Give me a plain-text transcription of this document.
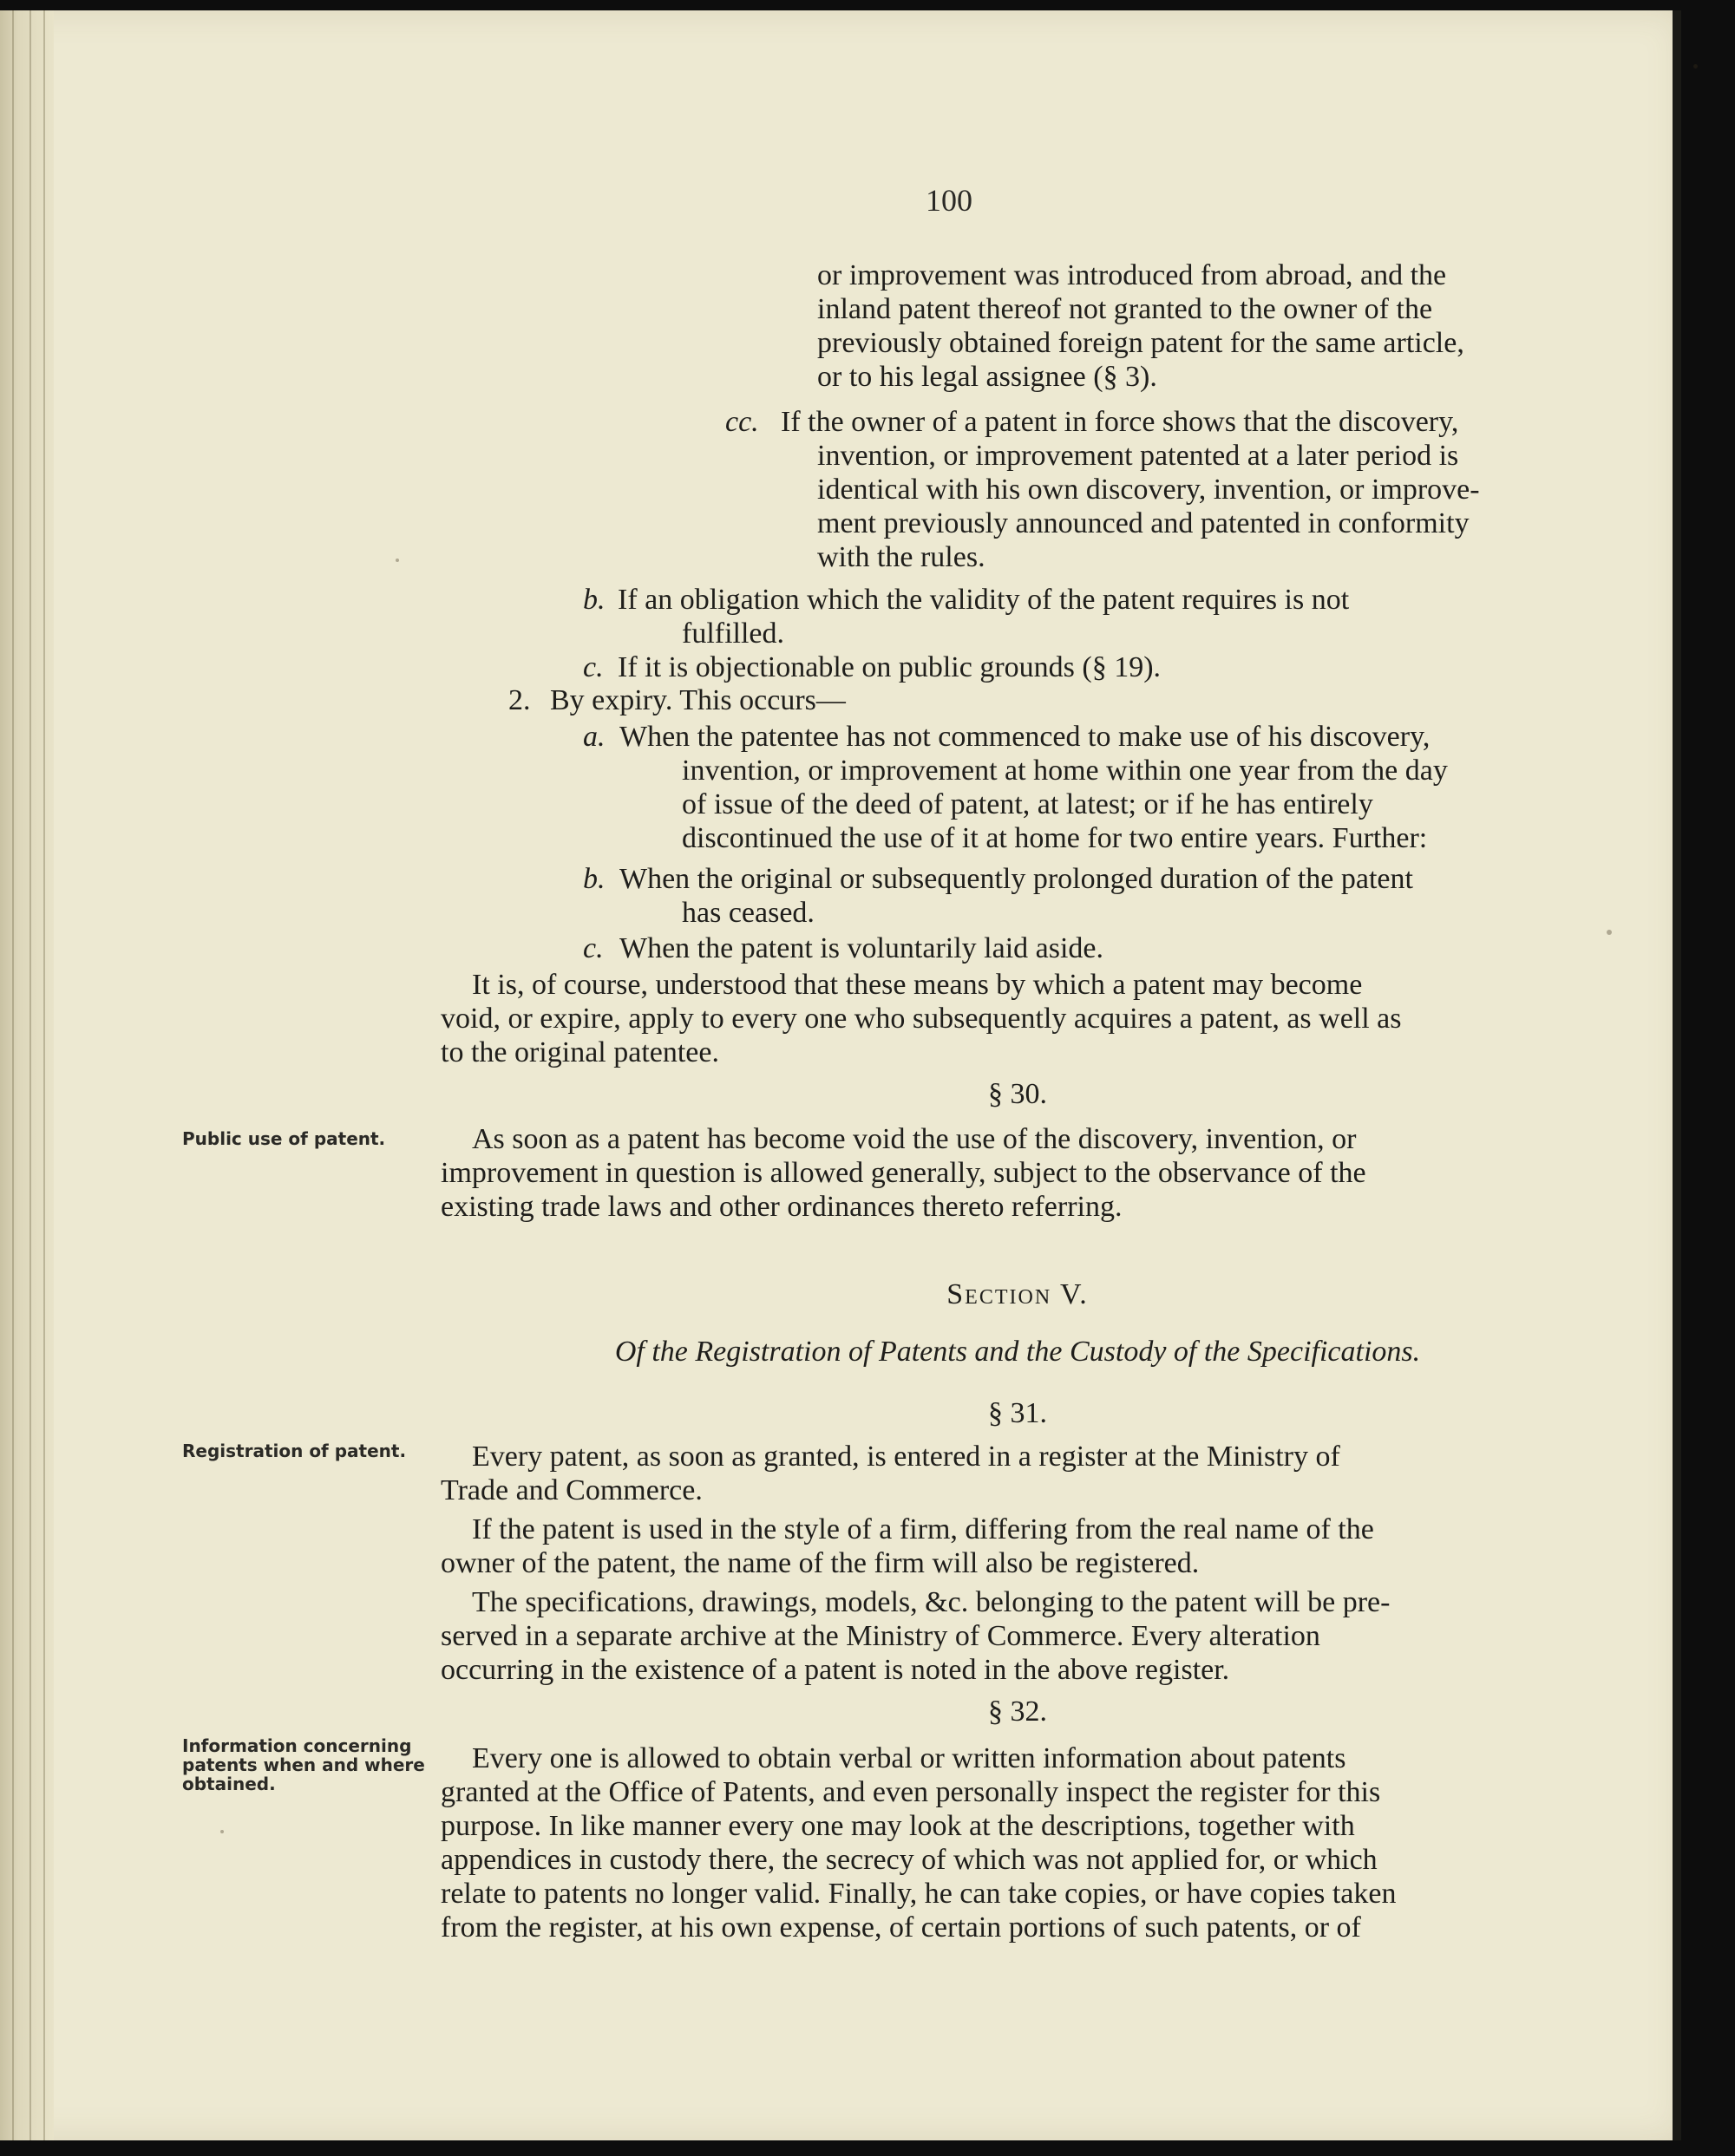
100

or improvement was introduced from abroad, and the

inland patent thereof not granted to the owner of the

previously obtained foreign patent for the same article,

or to his legal assignee (§ 3).

cc. If the owner of a patent in force shows that the discovery,

invention, or improvement patented at a later period is

identical with his own discovery, invention, or improve-

ment previously announced and patented in conformity

with the rules.

b. If an obligation which the validity of the patent requires is not

fulfilled.

c. If it is objectionable on public grounds (§ 19).

2. By expiry. This occurs—

a. When the patentee has not commenced to make use of his discovery,

invention, or improvement at home within one year from the day

of issue of the deed of patent, at latest; or if he has entirely

discontinued the use of it at home for two entire years. Further:

b. When the original or subsequently prolonged duration of the patent

has ceased.

c. When the patent is voluntarily laid aside.

It is, of course, understood that these means by which a patent may become

void, or expire, apply to every one who subsequently acquires a patent, as well as

to the original patentee.

§ 30.

Public use of patent.	As soon as a patent has become void the use of the discovery, invention, or

improvement in question is allowed generally, subject to the observance of the

existing trade laws and other ordinances thereto referring.

Section V.
Of the Registration of Patents and the Custody of the Specifications.

§ 31.

Registration of patent.	Every patent, as soon as granted, is entered in a register at the Ministry of

Trade and Commerce.

If the patent is used in the style of a firm, differing from the real name of the

owner of the patent, the name of the firm will also be registered.

The specifications, drawings, models, &c. belonging to the patent will be pre-

served in a separate archive at the Ministry of Commerce. Every alteration

occurring in the existence of a patent is noted in the above register.

§ 32.

Information concerning
patents when and where
obtained.

Every one is allowed to obtain verbal or written information about patents

granted at the Office of Patents, and even personally inspect the register for this

purpose. In like manner every one may look at the descriptions, together with

appendices in custody there, the secrecy of which was not applied for, or which

relate to patents no longer valid. Finally, he can take copies, or have copies taken

from the register, at his own expense, of certain portions of such patents, or of
